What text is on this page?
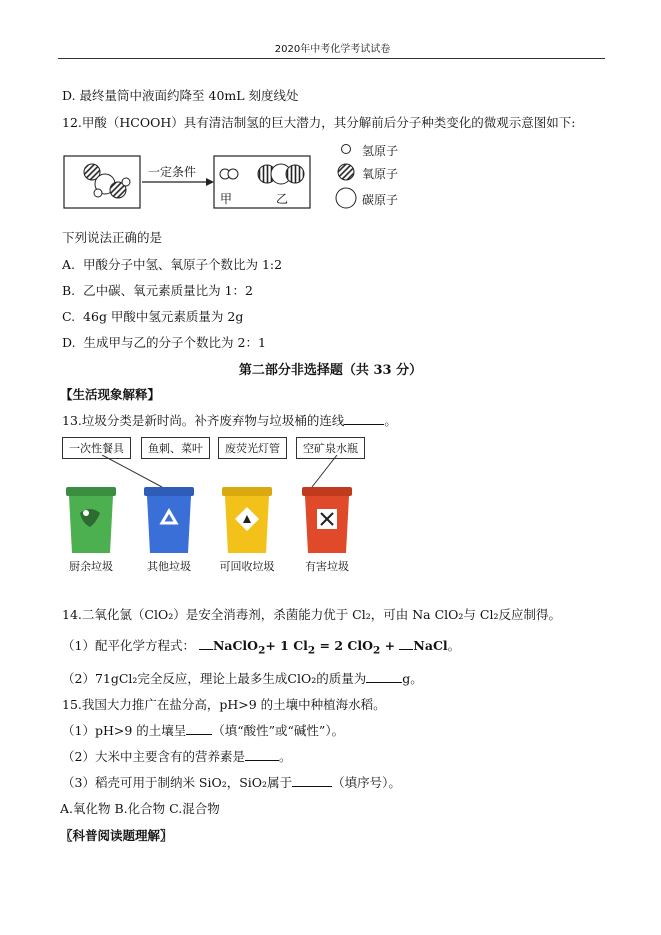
2020年中考化学考试试卷
D. 最终量筒中液面约降至 40mL 刻度线处
12.甲酸（HCOOH）具有清洁制氢的巨大潜力，其分解前后分子种类变化的微观示意图如下:
一定条件
甲	乙
氢原子
氧原子
碳原子
下列说法正确的是
A. 甲酸分子中氢、氧原子个数比为 1:2
B. 乙中碳、氧元素质量比为 1：2
C. 46g 甲酸中氢元素质量为 2g
D. 生成甲与乙的分子个数比为 2：1
第二部分非选择题（共 33 分）
【生活现象解释】
13.垃圾分类是新时尚。补齐废弃物与垃圾桶的连线	。
一次性餐具	鱼刺、菜叶	废荧光灯管	空矿泉水瓶
厨余垃圾	其他垃圾	可回收垃圾	有害垃圾
14.二氧化氯（ClO₂）是安全消毒剂，杀菌能力优于 Cl₂，可由 Na ClO₂与 Cl₂反应制得。
（1）配平化学方程式： NaClO$_2$+ 1 $Cl_2 = 2$ ClO$_2$ + NaCl。
（2）71gCl₂完全反应，理论上最多生成ClO₂的质量为	g。
15.我国大力推广在盐分高，pH>9 的土壤中种植海水稻。
（1）pH>9 的土壤呈 （填“酸性”或“碱性”）。
（2）大米中主要含有的营养素是	。
（3）稻壳可用于制纳米 SiO₂，SiO₂属于	（填序号）。
A.氧化物 B.化合物 C.混合物
〖科普阅读题理解〗
